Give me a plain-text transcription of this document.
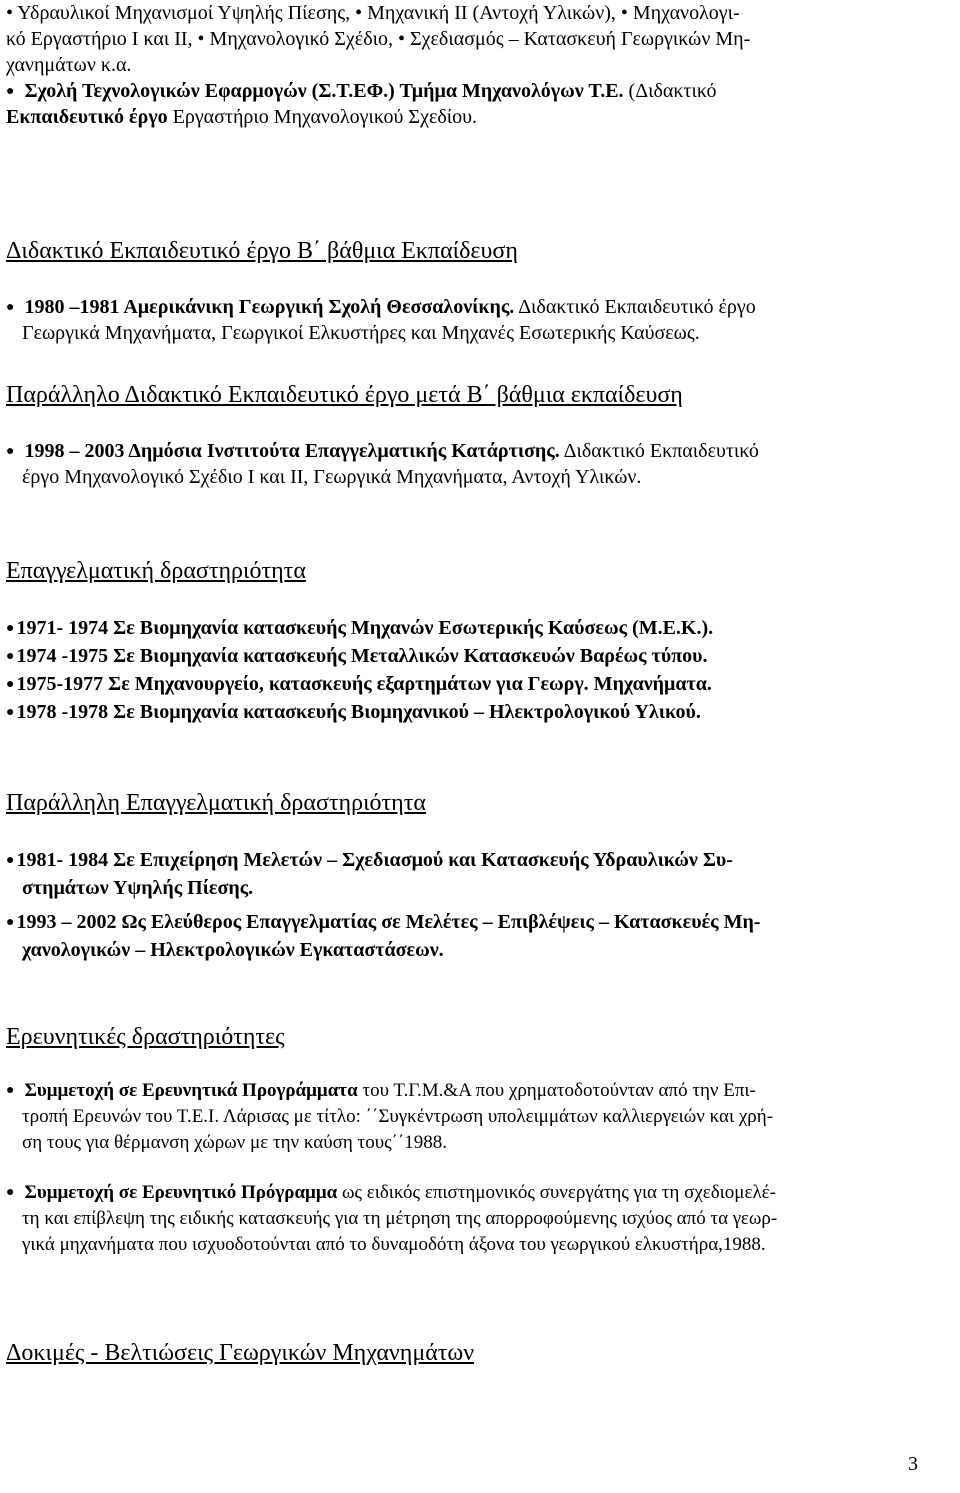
• Υδραυλικοί Μηχανισμοί Υψηλής Πίεσης, • Μηχανική ΙΙ (Αντοχή Υλικών), • Μηχανολογι-
κό Εργαστήριο Ι και ΙΙ, • Μηχανολογικό Σχέδιο, • Σχεδιασμός – Κατασκευή Γεωργικών Μη-
χανημάτων κ.α.
● Σχολή Τεχνολογικών Εφαρμογών (Σ.Τ.ΕΦ.) Τμήμα Μηχανολόγων Τ.Ε. (Διδακτικό
Εκπαιδευτικό έργο Εργαστήριο Μηχανολογικού Σχεδίου.
Διδακτικό Εκπαιδευτικό έργο Β΄ βάθμια Εκπαίδευση
● 1980 –1981 Αμερικάνικη Γεωργική Σχολή Θεσσαλονίκης. Διδακτικό Εκπαιδευτικό έργο
Γεωργικά Μηχανήματα, Γεωργικοί Ελκυστήρες και Μηχανές Εσωτερικής Καύσεως.
Παράλληλο Διδακτικό Εκπαιδευτικό έργο μετά Β΄ βάθμια εκπαίδευση
● 1998 – 2003 Δημόσια Ινστιτούτα Επαγγελματικής Κατάρτισης. Διδακτικό Εκπαιδευτικό
έργο Μηχανολογικό Σχέδιο Ι και ΙΙ, Γεωργικά Μηχανήματα, Αντοχή Υλικών.
Επαγγελματική δραστηριότητα
● 1971- 1974 Σε Βιομηχανία κατασκευής Μηχανών Εσωτερικής Καύσεως (Μ.Ε.Κ.).
● 1974 -1975 Σε Βιομηχανία κατασκευής Μεταλλικών Κατασκευών Βαρέως τύπου.
● 1975-1977 Σε Μηχανουργείο, κατασκευής εξαρτημάτων για Γεωργ. Μηχανήματα.
● 1978 -1978 Σε Βιομηχανία κατασκευής Βιομηχανικού – Ηλεκτρολογικού Υλικού.
Παράλληλη Επαγγελματική δραστηριότητα
● 1981- 1984 Σε Επιχείρηση Μελετών – Σχεδιασμού και Κατασκευής Υδραυλικών Συ-
στημάτων Υψηλής Πίεσης.
● 1993 – 2002 Ως Ελεύθερος Επαγγελματίας σε Μελέτες – Επιβλέψεις – Κατασκευές Μη-
χανολογικών – Ηλεκτρολογικών Εγκαταστάσεων.
Ερευνητικές δραστηριότητες
● Συμμετοχή σε Ερευνητικά Προγράμματα του Τ.Γ.Μ.&Α που χρηματοδοτούνταν από την Επι-
τροπή Ερευνών του Τ.Ε.Ι. Λάρισας με τίτλο: ΄΄Συγκέντρωση υπολειμμάτων καλλιεργειών και χρή-
ση τους για θέρμανση χώρων με την καύση τους΄΄1988.
● Συμμετοχή σε Ερευνητικό Πρόγραμμα ως ειδικός επιστημονικός συνεργάτης για τη σχεδιομελέ-
τη και επίβλεψη της ειδικής κατασκευής για τη μέτρηση της απορροφούμενης ισχύος από τα γεωρ-
γικά μηχανήματα που ισχυοδοτούνται από το δυναμοδότη άξονα του γεωργικού ελκυστήρα,1988.
Δοκιμές - Βελτιώσεις Γεωργικών Μηχανημάτων
3
